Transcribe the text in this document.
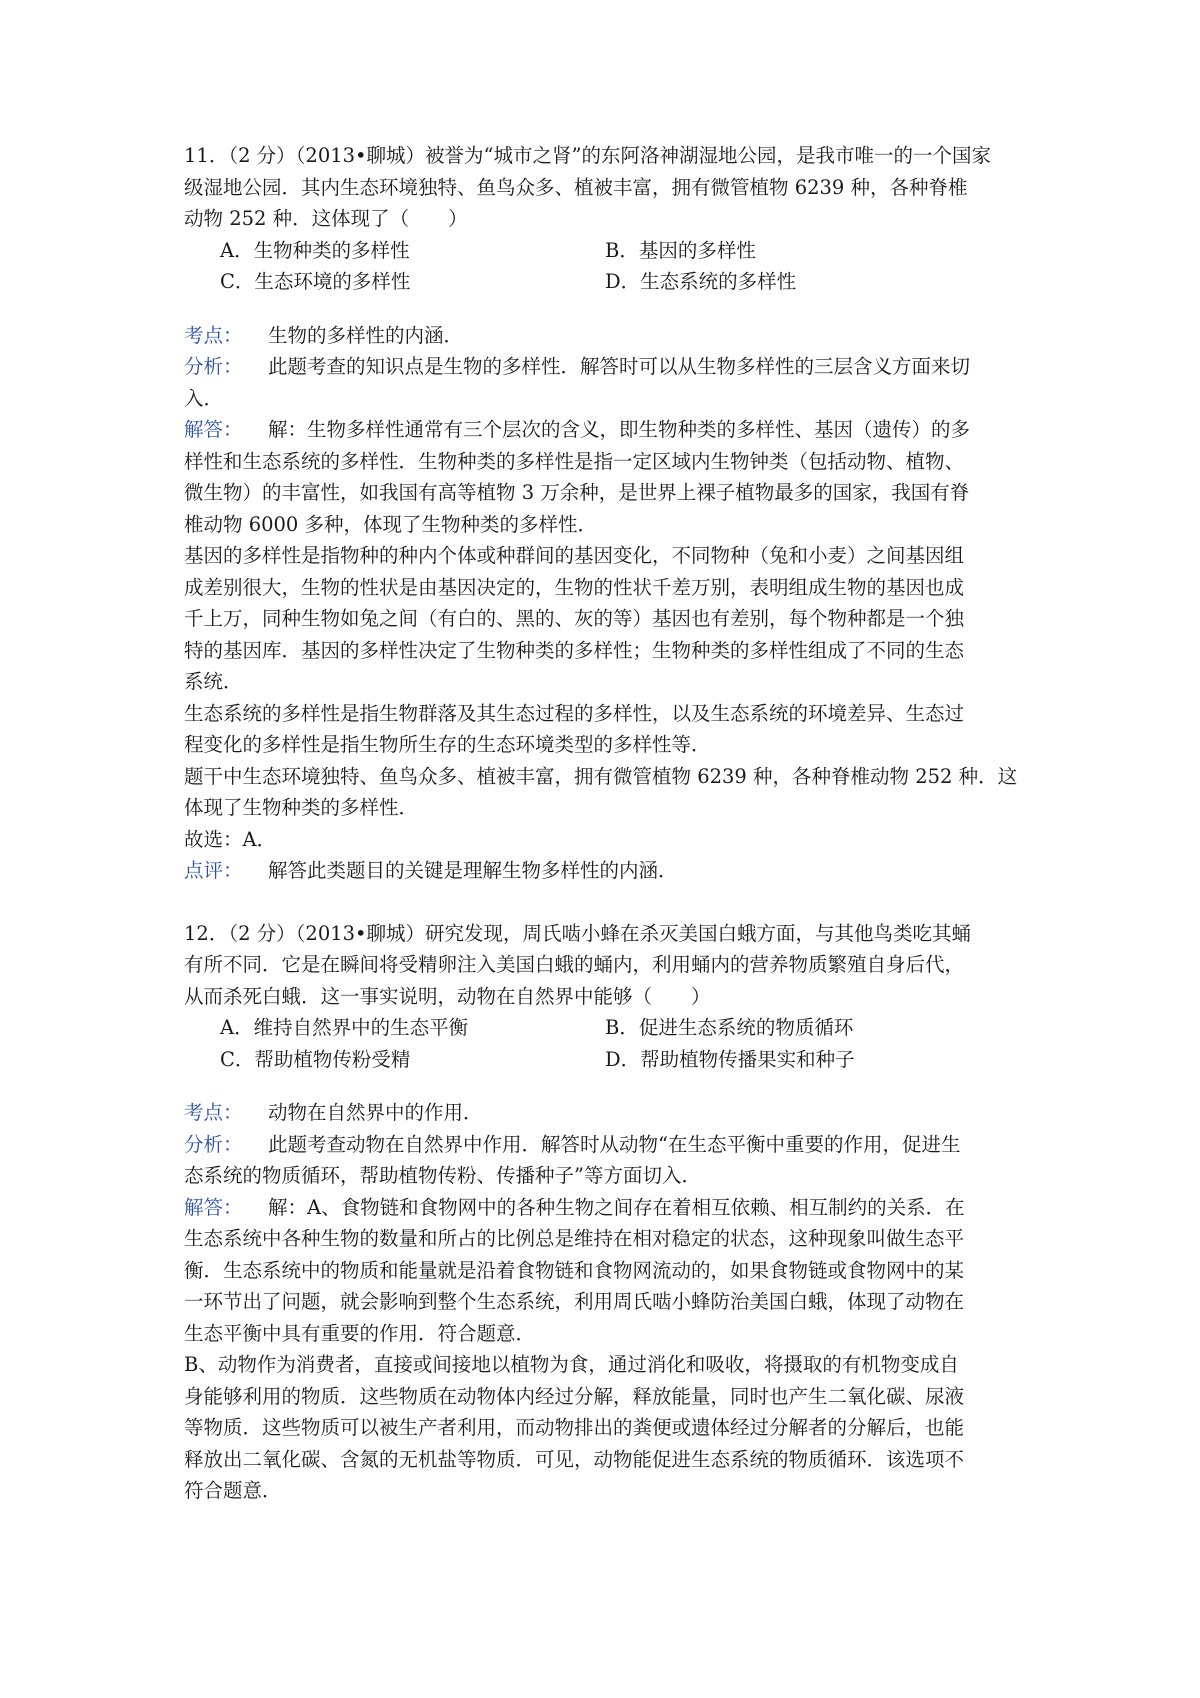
11．（2 分）（2013•聊城）被誉为“城市之肾”的东阿洛神湖湿地公园，是我市唯一的一个国家
级湿地公园．其内生态环境独特、鱼鸟众多、植被丰富，拥有微管植物 6239 种，各种脊椎
动物 252 种．这体现了（　　）
A．生物种类的多样性	B．基因的多样性
C．生态环境的多样性	D．生态系统的多样性
考点： 生物的多样性的内涵．
分析： 此题考查的知识点是生物的多样性．解答时可以从生物多样性的三层含义方面来切
入．
解答： 解：生物多样性通常有三个层次的含义，即生物种类的多样性、基因（遗传）的多
样性和生态系统的多样性．生物种类的多样性是指一定区域内生物钟类（包括动物、植物、
微生物）的丰富性，如我国有高等植物 3 万余种，是世界上裸子植物最多的国家，我国有脊
椎动物 6000 多种，体现了生物种类的多样性．
基因的多样性是指物种的种内个体或种群间的基因变化，不同物种（兔和小麦）之间基因组
成差别很大，生物的性状是由基因决定的，生物的性状千差万别，表明组成生物的基因也成
千上万，同种生物如兔之间（有白的、黑的、灰的等）基因也有差别，每个物种都是一个独
特的基因库．基因的多样性决定了生物种类的多样性；生物种类的多样性组成了不同的生态
系统．
生态系统的多样性是指生物群落及其生态过程的多样性，以及生态系统的环境差异、生态过
程变化的多样性是指生物所生存的生态环境类型的多样性等．
题干中生态环境独特、鱼鸟众多、植被丰富，拥有微管植物 6239 种，各种脊椎动物 252 种．这
体现了生物种类的多样性．
故选：A．
点评： 解答此类题目的关键是理解生物多样性的内涵．
12．（2 分）（2013•聊城）研究发现，周氏啮小蜂在杀灭美国白蛾方面，与其他鸟类吃其蛹
有所不同．它是在瞬间将受精卵注入美国白蛾的蛹内，利用蛹内的营养物质繁殖自身后代，
从而杀死白蛾．这一事实说明，动物在自然界中能够（　　）
A．维持自然界中的生态平衡	B．促进生态系统的物质循环
C．帮助植物传粉受精	D．帮助植物传播果实和种子
考点： 动物在自然界中的作用．
分析： 此题考查动物在自然界中作用．解答时从动物“在生态平衡中重要的作用，促进生
态系统的物质循环，帮助植物传粉、传播种子”等方面切入．
解答： 解：A、食物链和食物网中的各种生物之间存在着相互依赖、相互制约的关系．在
生态系统中各种生物的数量和所占的比例总是维持在相对稳定的状态，这种现象叫做生态平
衡．生态系统中的物质和能量就是沿着食物链和食物网流动的，如果食物链或食物网中的某
一环节出了问题，就会影响到整个生态系统，利用周氏啮小蜂防治美国白蛾，体现了动物在
生态平衡中具有重要的作用．符合题意．
B、动物作为消费者，直接或间接地以植物为食，通过消化和吸收，将摄取的有机物变成自
身能够利用的物质．这些物质在动物体内经过分解，释放能量，同时也产生二氧化碳、尿液
等物质．这些物质可以被生产者利用，而动物排出的粪便或遗体经过分解者的分解后，也能
释放出二氧化碳、含氮的无机盐等物质．可见，动物能促进生态系统的物质循环．该选项不
符合题意．
